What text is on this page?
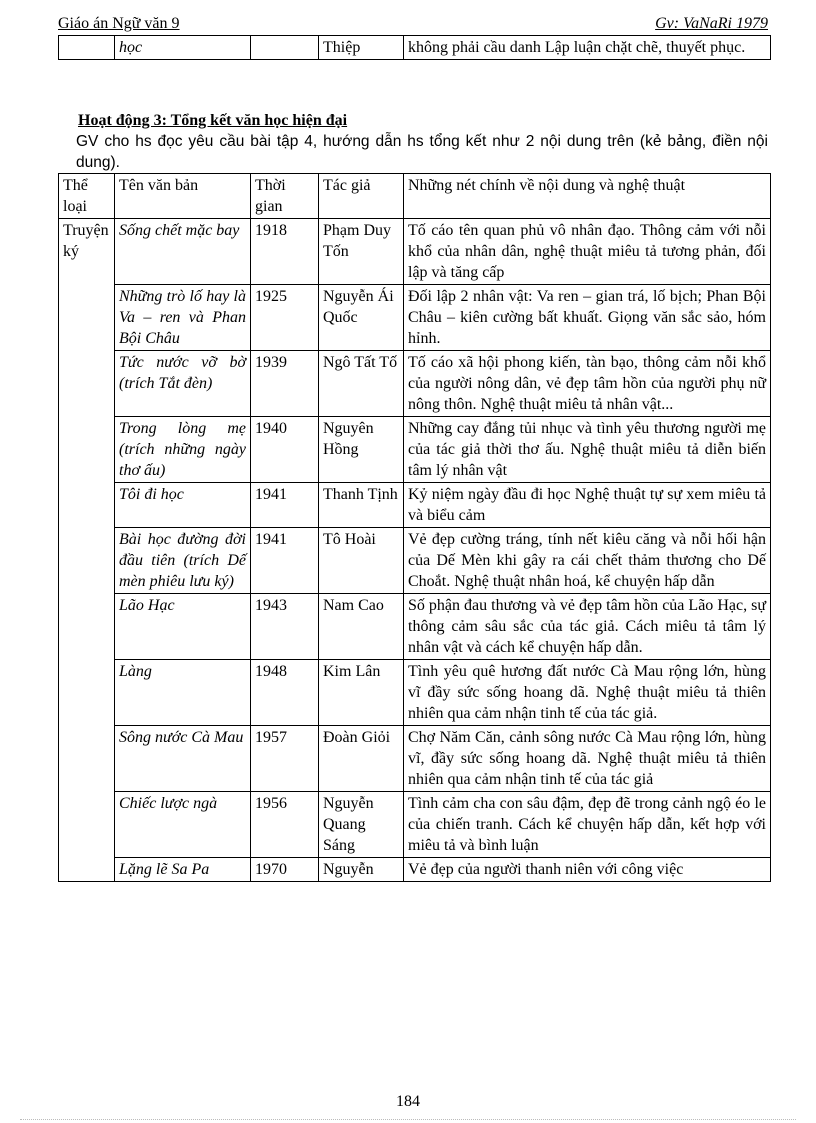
Giáo án Ngữ văn 9	Gv: VaNaRi 1979
	học		Thiệp	không phải cầu danh Lập luận chặt chẽ, thuyết phục.
Hoạt động 3: Tổng kết văn học hiện đại
GV cho hs đọc yêu cầu bài tập 4, hướng dẫn hs tổng kết như 2 nội dung trên (kẻ bảng, điền nội dung).
Thể loại	Tên văn bản	Thời gian	Tác giả	Những nét chính về nội dung và nghệ thuật
Truyện ký	Sống chết mặc bay	1918	Phạm Duy Tốn	Tố cáo tên quan phủ vô nhân đạo. Thông cảm với nỗi khổ của nhân dân, nghệ thuật miêu tả tương phản, đối lập và tăng cấp
	Những trò lố hay là Va – ren và Phan Bội Châu	1925	Nguyễn Ái Quốc	Đối lập 2 nhân vật: Va ren – gian trá, lố bịch; Phan Bội Châu – kiên cường bất khuất. Giọng văn sắc sảo, hóm hỉnh.
	Tức nước vỡ bờ (trích Tắt đèn)	1939	Ngô Tất Tố	Tố cáo xã hội phong kiến, tàn bạo, thông cảm nỗi khổ của người nông dân, vẻ đẹp tâm hồn của người phụ nữ nông thôn. Nghệ thuật miêu tả nhân vật...
	Trong lòng mẹ (trích những ngày thơ ấu)	1940	Nguyên Hồng	Những cay đắng tủi nhục và tình yêu thương người mẹ của tác giả thời thơ ấu. Nghệ thuật miêu tả diễn biến tâm lý nhân vật
	Tôi đi học	1941	Thanh Tịnh	Kỷ niệm ngày đầu đi học Nghệ thuật tự sự xem miêu tả và biểu cảm
	Bài học đường đời đầu tiên (trích Dế mèn phiêu lưu ký)	1941	Tô Hoài	Vẻ đẹp cường tráng, tính nết kiêu căng và nỗi hối hận của Dế Mèn khi gây ra cái chết thảm thương cho Dế Choắt. Nghệ thuật nhân hoá, kể chuyện hấp dẫn
	Lão Hạc	1943	Nam Cao	Số phận đau thương và vẻ đẹp tâm hồn của Lão Hạc, sự thông cảm sâu sắc của tác giả. Cách miêu tả tâm lý nhân vật và cách kể chuyện hấp dẫn.
	Làng	1948	Kim Lân	Tình yêu quê hương đất nước Cà Mau rộng lớn, hùng vĩ đầy sức sống hoang dã. Nghệ thuật miêu tả thiên nhiên qua cảm nhận tinh tế của tác giả.
	Sông nước Cà Mau	1957	Đoàn Giỏi	Chợ Năm Căn, cảnh sông nước Cà Mau rộng lớn, hùng vĩ, đầy sức sống hoang dã. Nghệ thuật miêu tả thiên nhiên qua cảm nhận tinh tế của tác giả
	Chiếc lược ngà	1956	Nguyễn Quang Sáng	Tình cảm cha con sâu đậm, đẹp đẽ trong cảnh ngộ éo le của chiến tranh. Cách kể chuyện hấp dẫn, kết hợp với miêu tả và bình luận
	Lặng lẽ Sa Pa	1970	Nguyễn	Vẻ đẹp của người thanh niên với công việc
184
